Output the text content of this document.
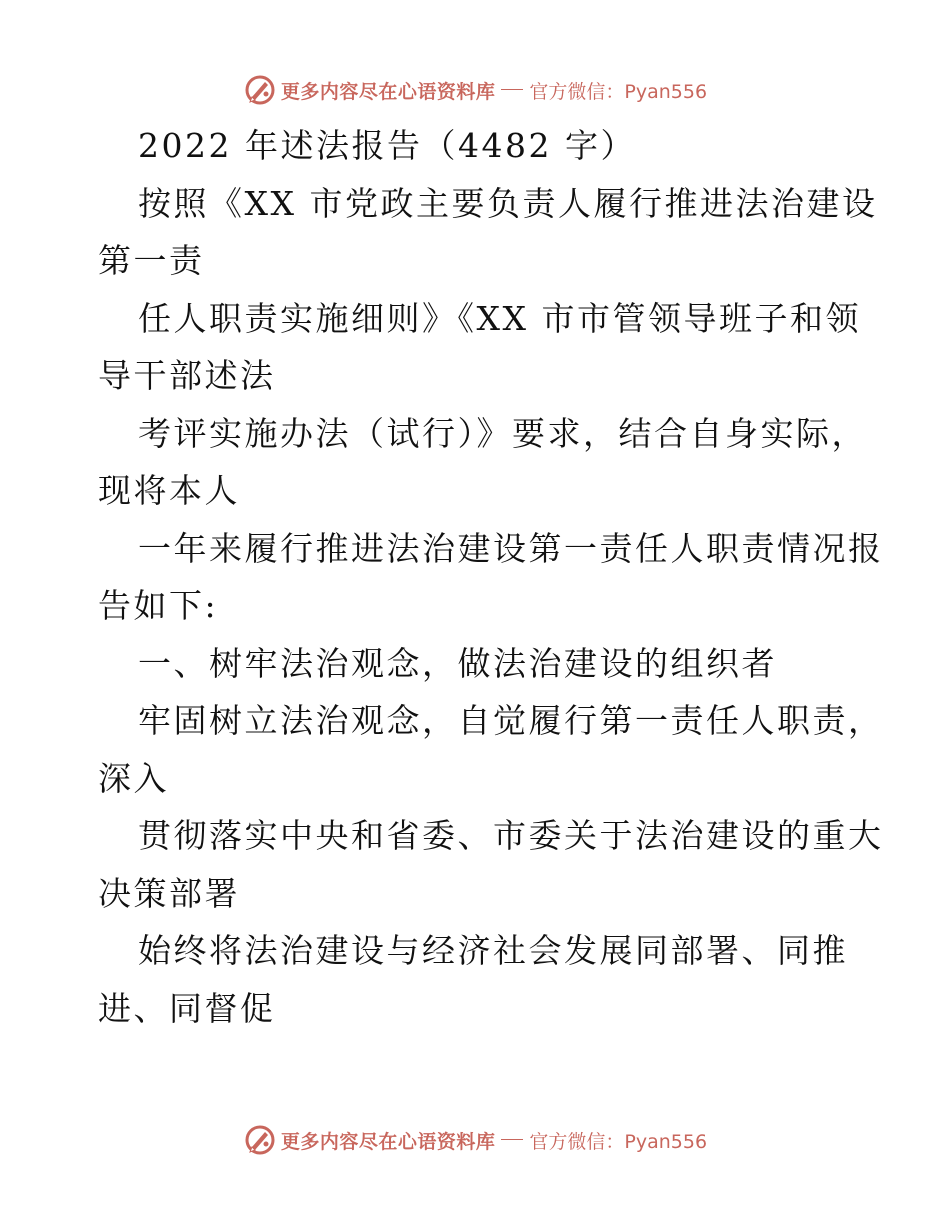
更多内容尽在心语资料库 官方微信：Pyan556
2022 年述法报告（4482 字）
按照《XX 市党政主要负责人履行推进法治建设
第一责
任人职责实施细则》《XX 市市管领导班子和领
导干部述法
考评实施办法（试行）》要求，结合自身实际，
现将本人
一年来履行推进法治建设第一责任人职责情况报
告如下:
一、树牢法治观念，做法治建设的组织者
牢固树立法治观念，自觉履行第一责任人职责，
深入
贯彻落实中央和省委、市委关于法治建设的重大
决策部署
始终将法治建设与经济社会发展同部署、同推
进、同督促
更多内容尽在心语资料库 官方微信：Pyan556
